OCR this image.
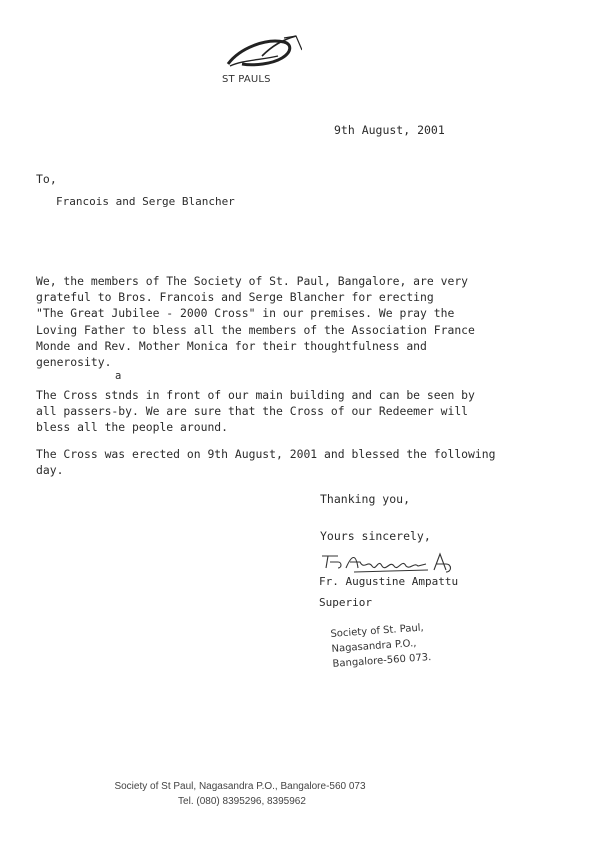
ST PAULS
9th August, 2001
To,
Francois and Serge Blancher
We, the members of The Society of St. Paul, Bangalore, are very
grateful to Bros. Francois and Serge Blancher for erecting
"The Great Jubilee - 2000 Cross" in our premises. We pray the
Loving Father to bless all the members of the Association France
Monde and Rev. Mother Monica for their thoughtfulness and
generosity.
a
The Cross stnds in front of our main building and can be seen by
all passers-by. We are sure that the Cross of our Redeemer will
bless all the people around.
The Cross was erected on 9th August, 2001 and blessed the following
day.
Thanking you,
Yours sincerely,
Fr. Augustine Ampattu
Superior
Society of St. Paul,
Nagasandra P.O.,
Bangalore-560 073.
Society of St Paul, Nagasandra P.O., Bangalore-560 073
Tel. (080) 8395296, 8395962
